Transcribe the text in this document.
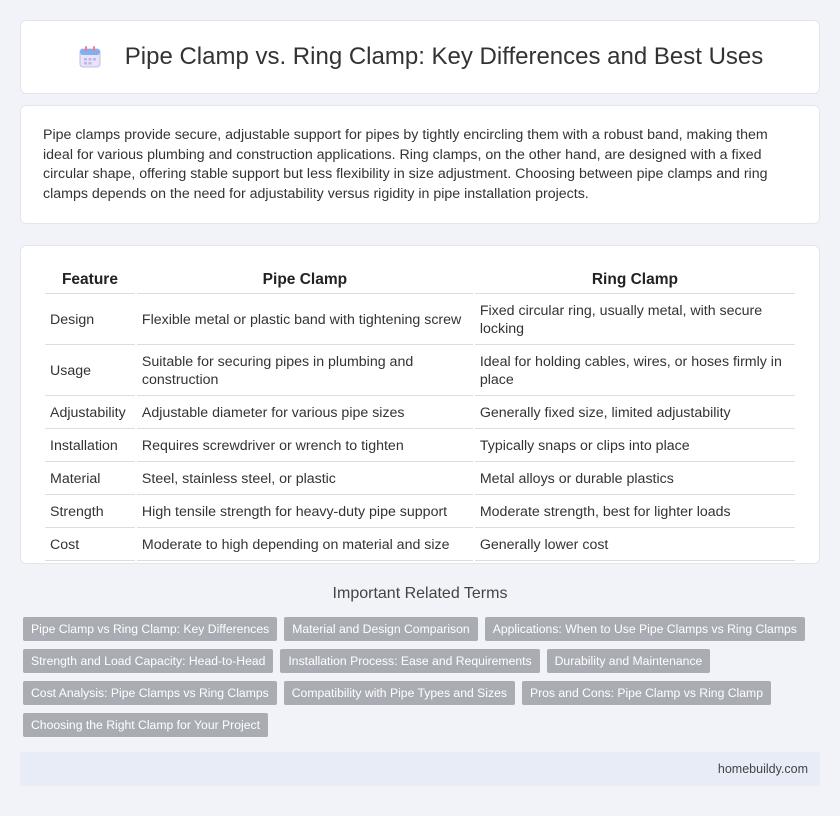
Pipe Clamp vs. Ring Clamp: Key Differences and Best Uses

Pipe clamps provide secure, adjustable support for pipes by tightly encircling them with a robust band, making them ideal for various plumbing and construction applications. Ring clamps, on the other hand, are designed with a fixed circular shape, offering stable support but less flexibility in size adjustment. Choosing between pipe clamps and ring clamps depends on the need for adjustability versus rigidity in pipe installation projects.

Feature	Pipe Clamp	Ring Clamp
Design	Flexible metal or plastic band with tightening screw	Fixed circular ring, usually metal, with secure locking
Usage	Suitable for securing pipes in plumbing and construction	Ideal for holding cables, wires, or hoses firmly in place
Adjustability	Adjustable diameter for various pipe sizes	Generally fixed size, limited adjustability
Installation	Requires screwdriver or wrench to tighten	Typically snaps or clips into place
Material	Steel, stainless steel, or plastic	Metal alloys or durable plastics
Strength	High tensile strength for heavy-duty pipe support	Moderate strength, best for lighter loads
Cost	Moderate to high depending on material and size	Generally lower cost
Important Related Terms
Pipe Clamp vs Ring Clamp: Key Differences	Material and Design Comparison	Applications: When to Use Pipe Clamps vs Ring Clamps
Strength and Load Capacity: Head-to-Head	Installation Process: Ease and Requirements	Durability and Maintenance
Cost Analysis: Pipe Clamps vs Ring Clamps	Compatibility with Pipe Types and Sizes	Pros and Cons: Pipe Clamp vs Ring Clamp
Choosing the Right Clamp for Your Project
homebuildy.com
